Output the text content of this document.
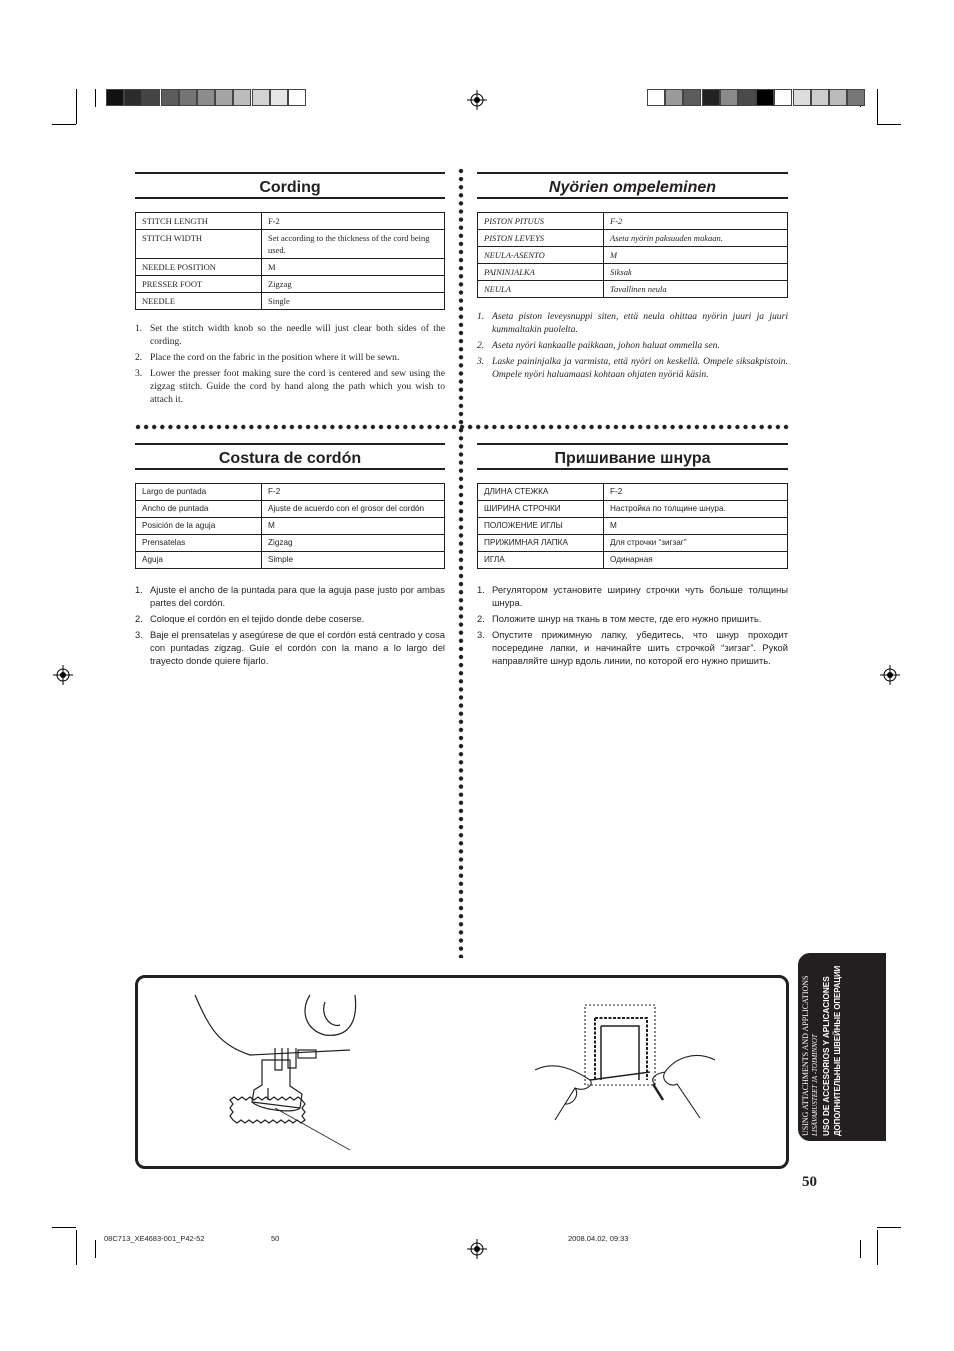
Cording
STITCH LENGTH	F-2
STITCH WIDTH	Set according to the thickness of the cord being used.
NEEDLE POSITION	M
PRESSER FOOT	Zigzag
NEEDLE	Single
1. Set the stitch width knob so the needle will just clear both sides of the cording.
2. Place the cord on the fabric in the position where it will be sewn.
3. Lower the presser foot making sure the cord is centered and sew using the zigzag stitch. Guide the cord by hand along the path which you wish to attach it.
Nyörien ompeleminen
PISTON PITUUS	F-2
PISTON LEVEYS	Aseta nyörin paksuuden mukaan.
NEULA-ASENTO	M
PAININJALKA	Siksak
NEULA	Tavallinen neula
1. Aseta piston leveysnuppi siten, että neula ohittaa nyörin juuri ja juuri kummaltakin puolelta.
2. Aseta nyöri kankaalle paikkaan, johon haluat ommella sen.
3. Laske paininjalka ja varmista, että nyöri on keskellä. Ompele siksakpistoin. Ompele nyöri haluamaasi kohtaan ohjaten nyöriä käsin.
Costura de cordón
Largo de puntada	F-2
Ancho de puntada	Ajuste de acuerdo con el grosor del cordón
Posición de la aguja	M
Prensatelas	Zigzag
Aguja	Simple
1. Ajuste el ancho de la puntada para que la aguja pase justo por ambas partes del cordón.
2. Coloque el cordón en el tejido donde debe coserse.
3. Baje el prensatelas y asegúrese de que el cordón está centrado y cosa con puntadas zigzag. Guíe el cordón con la mano a lo largo del trayecto donde quiere fijarlo.
Пришивание шнура
ДЛИНА СТЕЖКА	F-2
ШИРИНА СТРОЧКИ	Настройка по толщине шнура.
ПОЛОЖЕНИЕ ИГЛЫ	M
ПРИЖИМНАЯ ЛАПКА	Для строчки “зигзаг”
ИГЛА	Одинарная
1. Регулятором установите ширину строчки чуть больше толщины шнура.
2. Положите шнур на ткань в том месте, где его нужно пришить.
3. Опустите прижимную лапку, убедитесь, что шнур проходит посередине лапки, и начинайте шить строчкой “зигзаг”. Рукой направляйте шнур вдоль линии, по которой его нужно пришить.
USING ATTACHMENTS AND APPLICATIONS LISÄVARUSTEET JA -TOIMINNOT USO DE ACCESORIOS Y APLICACIONES ДОПОЛНИТЕЛЬНЫЕ ШВЕЙНЫЕ ОПЕРАЦИИ
50
08C713_XE4683-001_P42-52	50	2008.04.02, 09:33
